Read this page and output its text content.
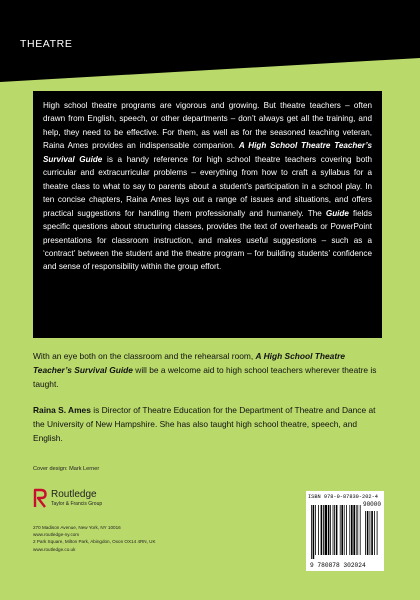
THEATRE

High school theatre programs are vigorous and growing. But theatre teachers – often drawn from English, speech, or other departments – don’t always get all the training, and help, they need to be effective. For them, as well as for the seasoned teaching veteran, Raina Ames provides an indispensable companion. A High School Theatre Teacher’s Survival Guide is a handy reference for high school theatre teachers covering both curricular and extracurricular problems – everything from how to craft a syllabus for a theatre class to what to say to parents about a student’s participation in a school play. In ten concise chapters, Raina Ames lays out a range of issues and situations, and offers practical suggestions for handling them professionally and humanely. The Guide fields specific questions about structuring classes, provides the text of overheads or PowerPoint presentations for classroom instruction, and makes useful suggestions – such as a ‘contract’ between the student and the theatre program – for building students’ confidence and sense of responsibility within the group effort.

With an eye both on the classroom and the rehearsal room, A High School Theatre Teacher’s Survival Guide will be a welcome aid to high school teachers wherever theatre is taught.

Raina S. Ames is Director of Theatre Education for the Department of Theatre and Dance at the University of New Hampshire. She has also taught high school theatre, speech, and English.

Cover design: Mark Lerner
Routledge
Taylor & Francis Group
270 Madison Avenue, New York, NY 10016
www.routledge-ny.com
2 Park Square, Milton Park, Abingdon, Oxon OX14 4RN, UK
www.routledge.co.uk
ISBN 978-0-87830-202-4
90000
9 780878 302024
